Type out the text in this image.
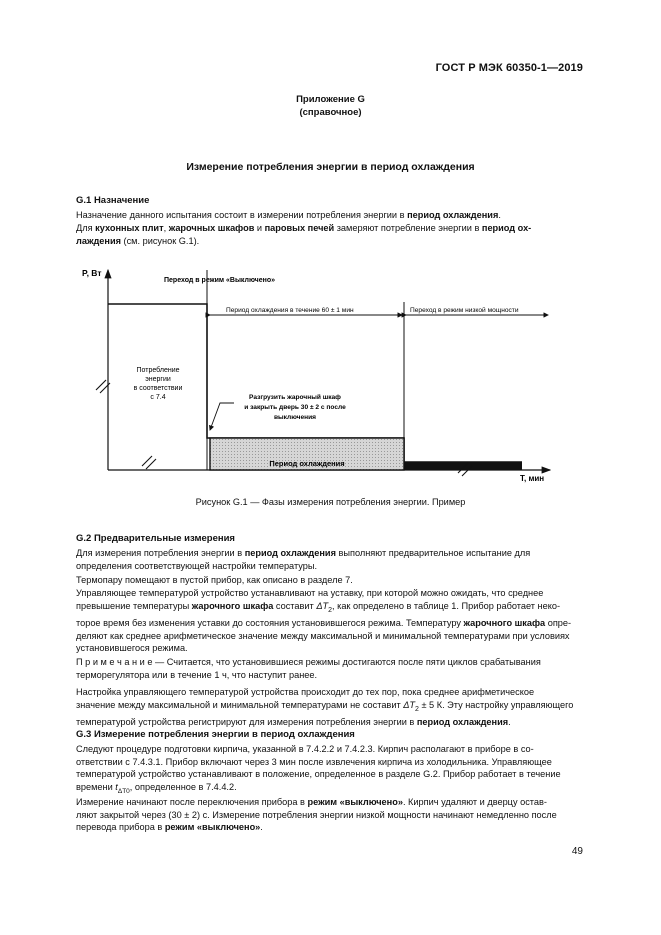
ГОСТ Р МЭК 60350-1—2019
Приложение G
(справочное)
Измерение потребления энергии в период охлаждения
G.1 Назначение
Назначение данного испытания состоит в измерении потребления энергии в период охлаждения.
Для кухонных плит, жарочных шкафов и паровых печей замеряют потребление энергии в период ох-
лаждения (см. рисунок G.1).
P, Вт
T, мин
Переход в режим «Выключено»
Период охлаждения в течение 60 ± 1 мин	Переход в режим низкой мощности
Потребление
энергии
в соответствии
с 7.4	Разгрузить жарочный шкаф
и закрыть дверь 30 ± 2 с после
выключения
Период охлаждения
Рисунок G.1 — Фазы измерения потребления энергии. Пример
G.2 Предварительные измерения
Для измерения потребления энергии в период охлаждения выполняют предварительное испытание для
определения соответствующей настройки температуры.
Термопару помещают в пустой прибор, как описано в разделе 7.
Управляющее температурой устройство устанавливают на уставку, при которой можно ожидать, что среднее
превышение температуры жарочного шкафа составит $\Delta T_2$, как определено в таблице 1. Прибор работает неко-
торое время без изменения уставки до состояния установившегося режима. Температуру жарочного шкафа опре-
деляют как среднее арифметическое значение между максимальной и минимальной температурами при условиях
установившегося режима.
П р и м е ч а н и е — Считается, что установившиеся режимы достигаются после пяти циклов срабатывания
терморегулятора или в течение 1 ч, что наступит ранее.
Настройка управляющего температурой устройства происходит до тех пор, пока среднее арифметическое
значение между максимальной и минимальной температурами не составит $\Delta T_2 \pm 5$ К. Эту настройку управляющего
температурой устройства регистрируют для измерения потребления энергии в период охлаждения.
G.3 Измерение потребления энергии в период охлаждения
Следуют процедуре подготовки кирпича, указанной в 7.4.2.2 и 7.4.2.3. Кирпич располагают в приборе в со-
ответствии с 7.4.3.1. Прибор включают через 3 мин после извлечения кирпича из холодильника. Управляющее
температурой устройство устанавливают в положение, определенное в разделе G.2. Прибор работает в течение
времени $t_{\Delta T0}$, определенное в 7.4.4.2.
Измерение начинают после переключения прибора в режим «выключено». Кирпич удаляют и дверцу остав-
ляют закрытой через (30 ± 2) с. Измерение потребления энергии низкой мощности начинают немедленно после
перевода прибора в режим «выключено».
49
